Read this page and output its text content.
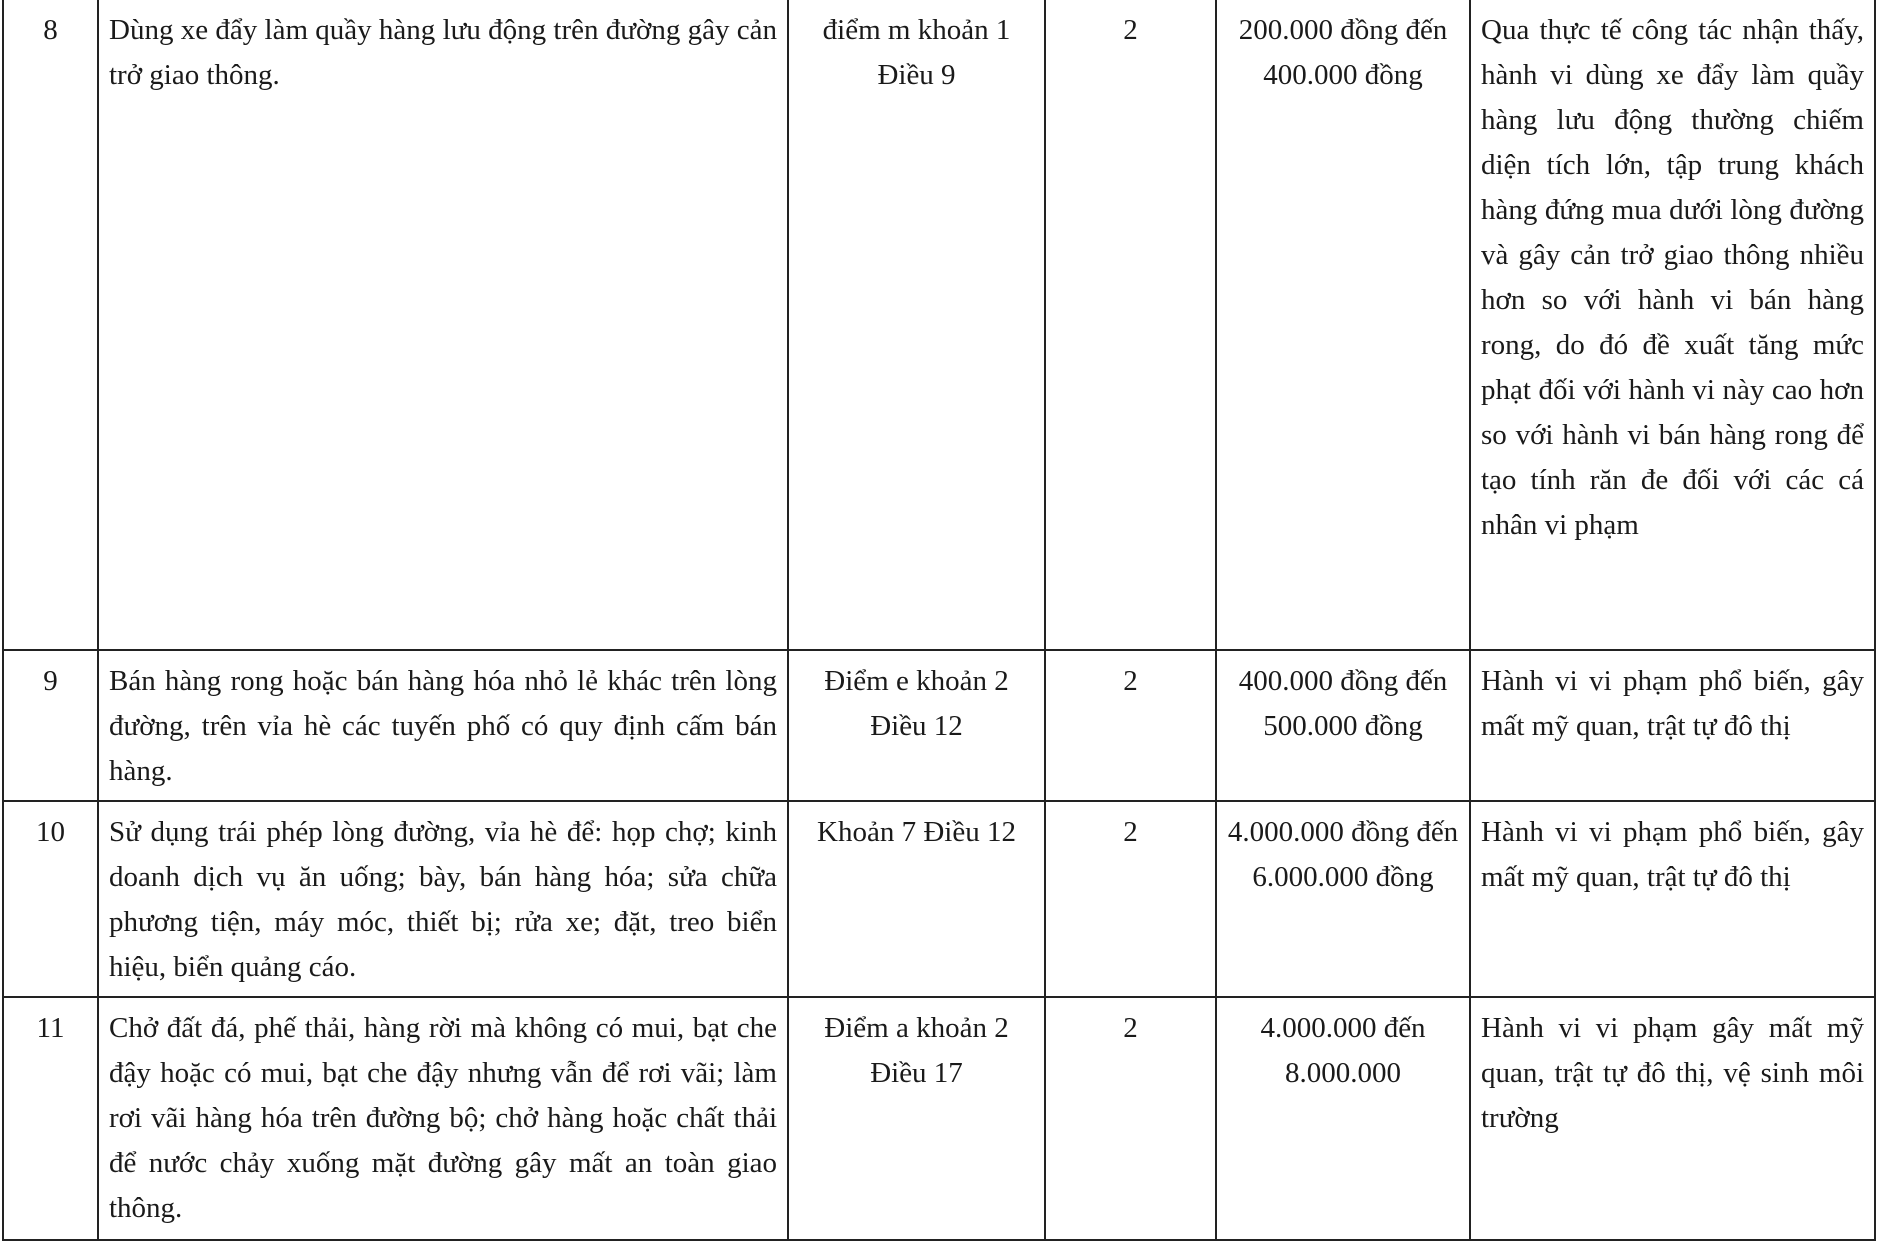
8	Dùng xe đẩy làm quầy hàng lưu động trên đường gây cản trở giao thông.	điểm m khoản 1 Điều 9	2	200.000 đồng đến 400.000 đồng	Qua thực tế công tác nhận thấy, hành vi dùng xe đẩy làm quầy hàng lưu động thường chiếm diện tích lớn, tập trung khách hàng đứng mua dưới lòng đường và gây cản trở giao thông nhiều hơn so với hành vi bán hàng rong, do đó đề xuất tăng mức phạt đối với hành vi này cao hơn so với hành vi bán hàng rong để tạo tính răn đe đối với các cá nhân vi phạm
9	Bán hàng rong hoặc bán hàng hóa nhỏ lẻ khác trên lòng đường, trên vỉa hè các tuyến phố có quy định cấm bán hàng.	Điểm e khoản 2 Điều 12	2	400.000 đồng đến 500.000 đồng	Hành vi vi phạm phổ biến, gây mất mỹ quan, trật tự đô thị
10	Sử dụng trái phép lòng đường, vỉa hè để: họp chợ; kinh doanh dịch vụ ăn uống; bày, bán hàng hóa; sửa chữa phương tiện, máy móc, thiết bị; rửa xe; đặt, treo biển hiệu, biển quảng cáo.	Khoản 7 Điều 12	2	4.000.000 đồng đến 6.000.000 đồng	Hành vi vi phạm phổ biến, gây mất mỹ quan, trật tự đô thị
11	Chở đất đá, phế thải, hàng rời mà không có mui, bạt che đậy hoặc có mui, bạt che đậy nhưng vẫn để rơi vãi; làm rơi vãi hàng hóa trên đường bộ; chở hàng hoặc chất thải để nước chảy xuống mặt đường gây mất an toàn giao thông.	Điểm a khoản 2 Điều 17	2	4.000.000 đến 8.000.000	Hành vi vi phạm gây mất mỹ quan, trật tự đô thị, vệ sinh môi trường
